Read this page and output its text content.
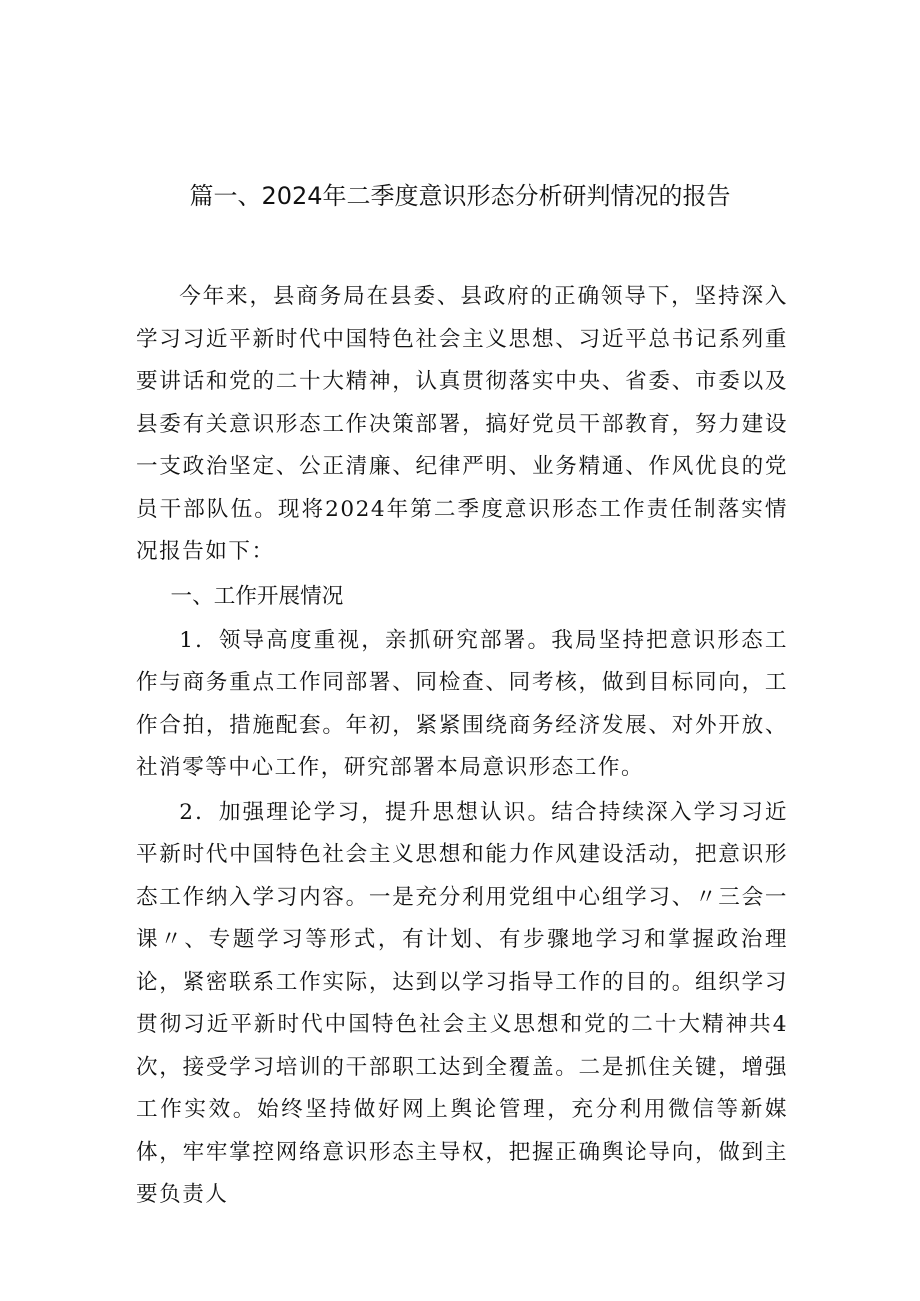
篇一、2024年二季度意识形态分析研判情况的报告

今年来，县商务局在县委、县政府的正确领导下，坚持深入学习习近平新时代中国特色社会主义思想、习近平总书记系列重要讲话和党的二十大精神，认真贯彻落实中央、省委、市委以及县委有关意识形态工作决策部署，搞好党员干部教育，努力建设一支政治坚定、公正清廉、纪律严明、业务精通、作风优良的党员干部队伍。现将2024年第二季度意识形态工作责任制落实情况报告如下：

一、工作开展情况

1．领导高度重视，亲抓研究部署。我局坚持把意识形态工作与商务重点工作同部署、同检查、同考核，做到目标同向，工作合拍，措施配套。年初，紧紧围绕商务经济发展、对外开放、社消零等中心工作，研究部署本局意识形态工作。

2．加强理论学习，提升思想认识。结合持续深入学习习近平新时代中国特色社会主义思想和能力作风建设活动，把意识形态工作纳入学习内容。一是充分利用党组中心组学习、〃三会一课〃、专题学习等形式，有计划、有步骤地学习和掌握政治理论，紧密联系工作实际，达到以学习指导工作的目的。组织学习贯彻习近平新时代中国特色社会主义思想和党的二十大精神共4次，接受学习培训的干部职工达到全覆盖。二是抓住关键，增强工作实效。始终坚持做好网上舆论管理，充分利用微信等新媒体，牢牢掌控网络意识形态主导权，把握正确舆论导向，做到主要负责人
